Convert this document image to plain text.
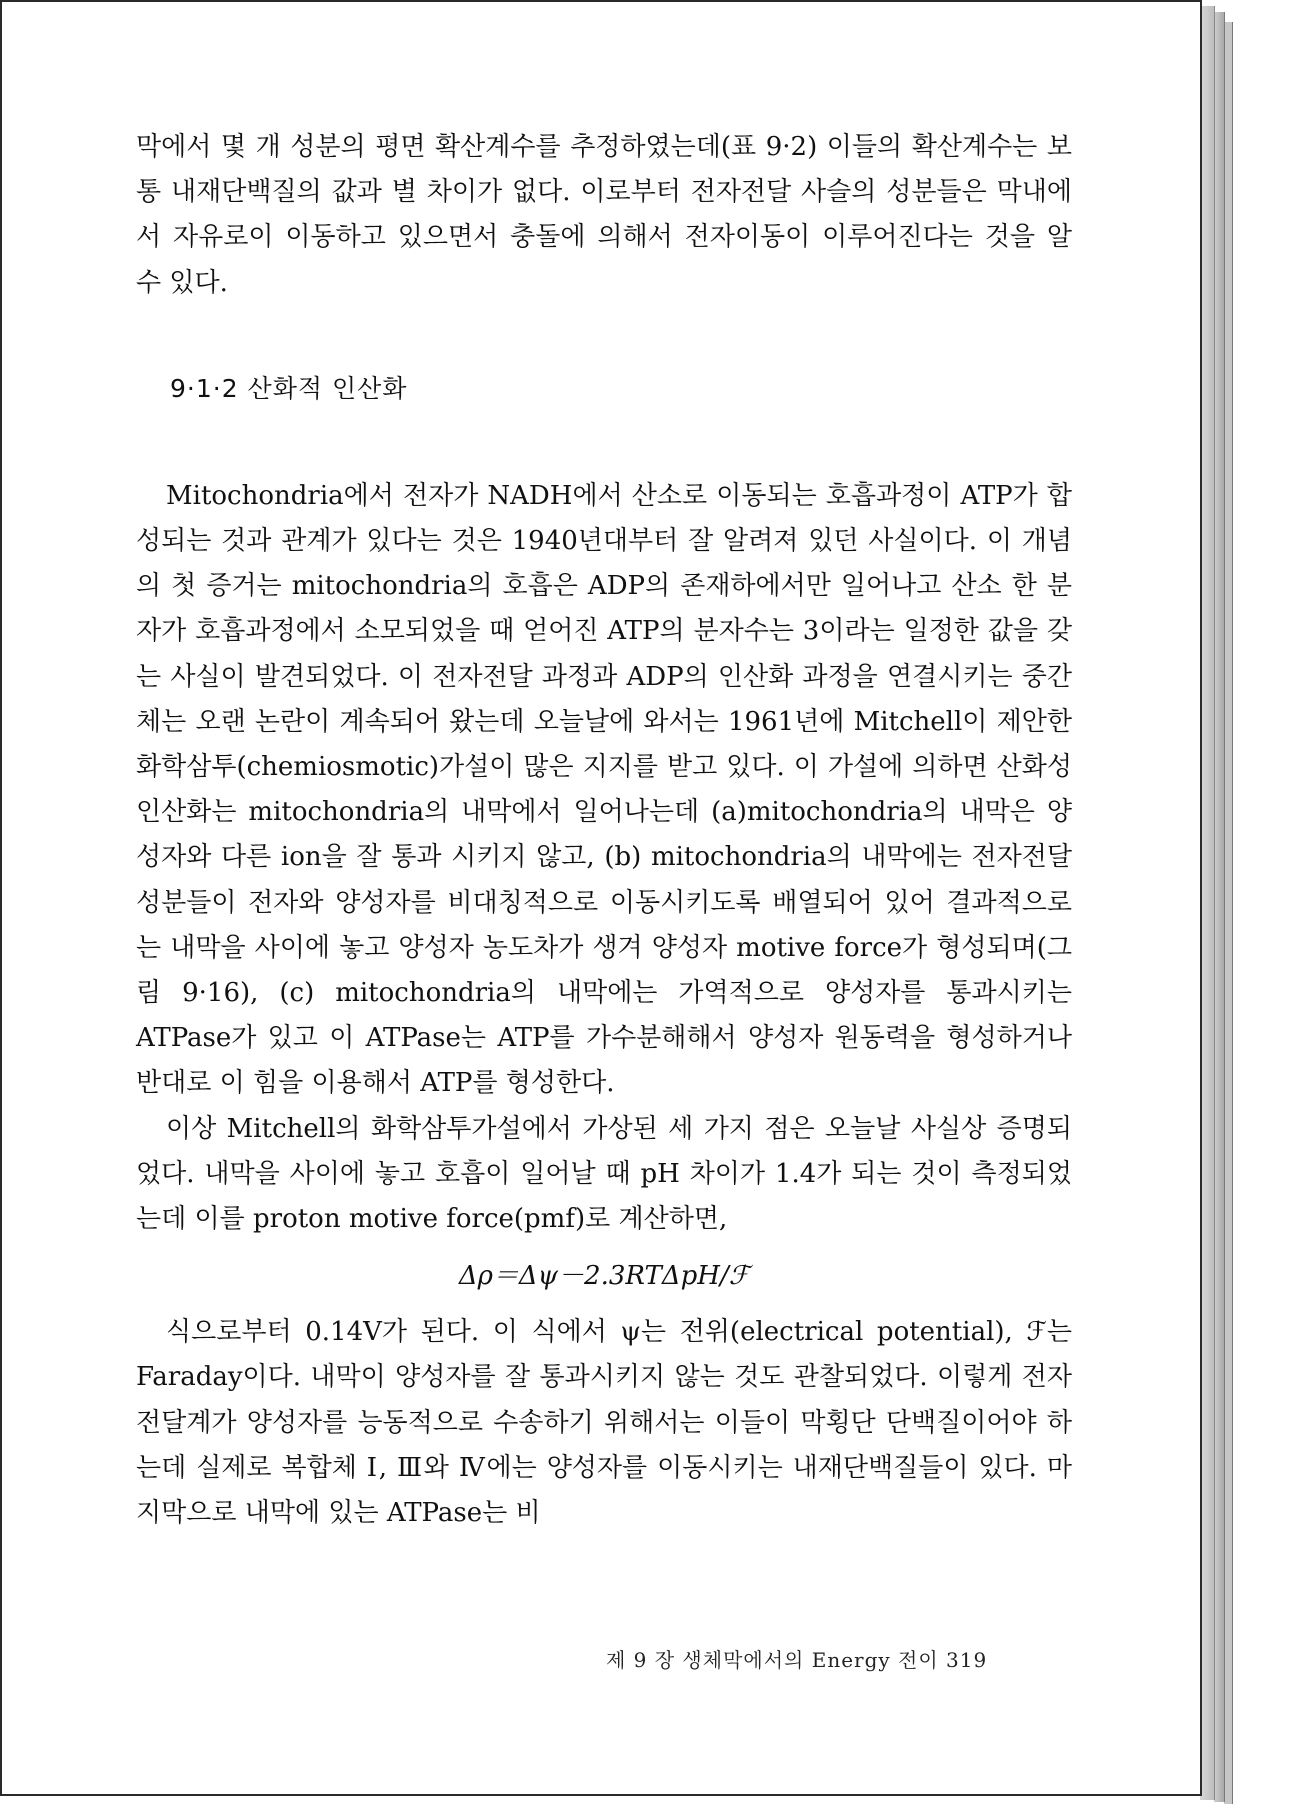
막에서 몇 개 성분의 평면 확산계수를 추정하였는데(표 9·2) 이들의 확산계수는 보통 내재단백질의 값과 별 차이가 없다. 이로부터 전자전달 사슬의 성분들은 막내에서 자유로이 이동하고 있으면서 충돌에 의해서 전자이동이 이루어진다는 것을 알 수 있다.

9·1·2 산화적 인산화

Mitochondria에서 전자가 NADH에서 산소로 이동되는 호흡과정이 ATP가 합성되는 것과 관계가 있다는 것은 1940년대부터 잘 알려져 있던 사실이다. 이 개념의 첫 증거는 mitochondria의 호흡은 ADP의 존재하에서만 일어나고 산소 한 분자가 호흡과정에서 소모되었을 때 얻어진 ATP의 분자수는 3이라는 일정한 값을 갖는 사실이 발견되었다. 이 전자전달 과정과 ADP의 인산화 과정을 연결시키는 중간체는 오랜 논란이 계속되어 왔는데 오늘날에 와서는 1961년에 Mitchell이 제안한 화학삼투(chemiosmotic)가설이 많은 지지를 받고 있다. 이 가설에 의하면 산화성 인산화는 mitochondria의 내막에서 일어나는데 (a)mitochondria의 내막은 양성자와 다른 ion을 잘 통과 시키지 않고, (b) mitochondria의 내막에는 전자전달 성분들이 전자와 양성자를 비대칭적으로 이동시키도록 배열되어 있어 결과적으로는 내막을 사이에 놓고 양성자 농도차가 생겨 양성자 motive force가 형성되며(그림 9·16), (c) mitochondria의 내막에는 가역적으로 양성자를 통과시키는 ATPase가 있고 이 ATPase는 ATP를 가수분해해서 양성자 원동력을 형성하거나 반대로 이 힘을 이용해서 ATP를 형성한다.

이상 Mitchell의 화학삼투가설에서 가상된 세 가지 점은 오늘날 사실상 증명되었다. 내막을 사이에 놓고 호흡이 일어날 때 pH 차이가 1.4가 되는 것이 측정되었는데 이를 proton motive force(pmf)로 계산하면,

Δρ＝Δψ－2.3RTΔpH/ℱ

식으로부터 0.14V가 된다. 이 식에서 ψ는 전위(electrical potential), ℱ는 Faraday이다. 내막이 양성자를 잘 통과시키지 않는 것도 관찰되었다. 이렇게 전자전달계가 양성자를 능동적으로 수송하기 위해서는 이들이 막횡단 단백질이어야 하는데 실제로 복합체 Ⅰ, Ⅲ와 Ⅳ에는 양성자를 이동시키는 내재단백질들이 있다. 마지막으로 내막에 있는 ATPase는 비

제 9 장 생체막에서의 Energy 전이 319
